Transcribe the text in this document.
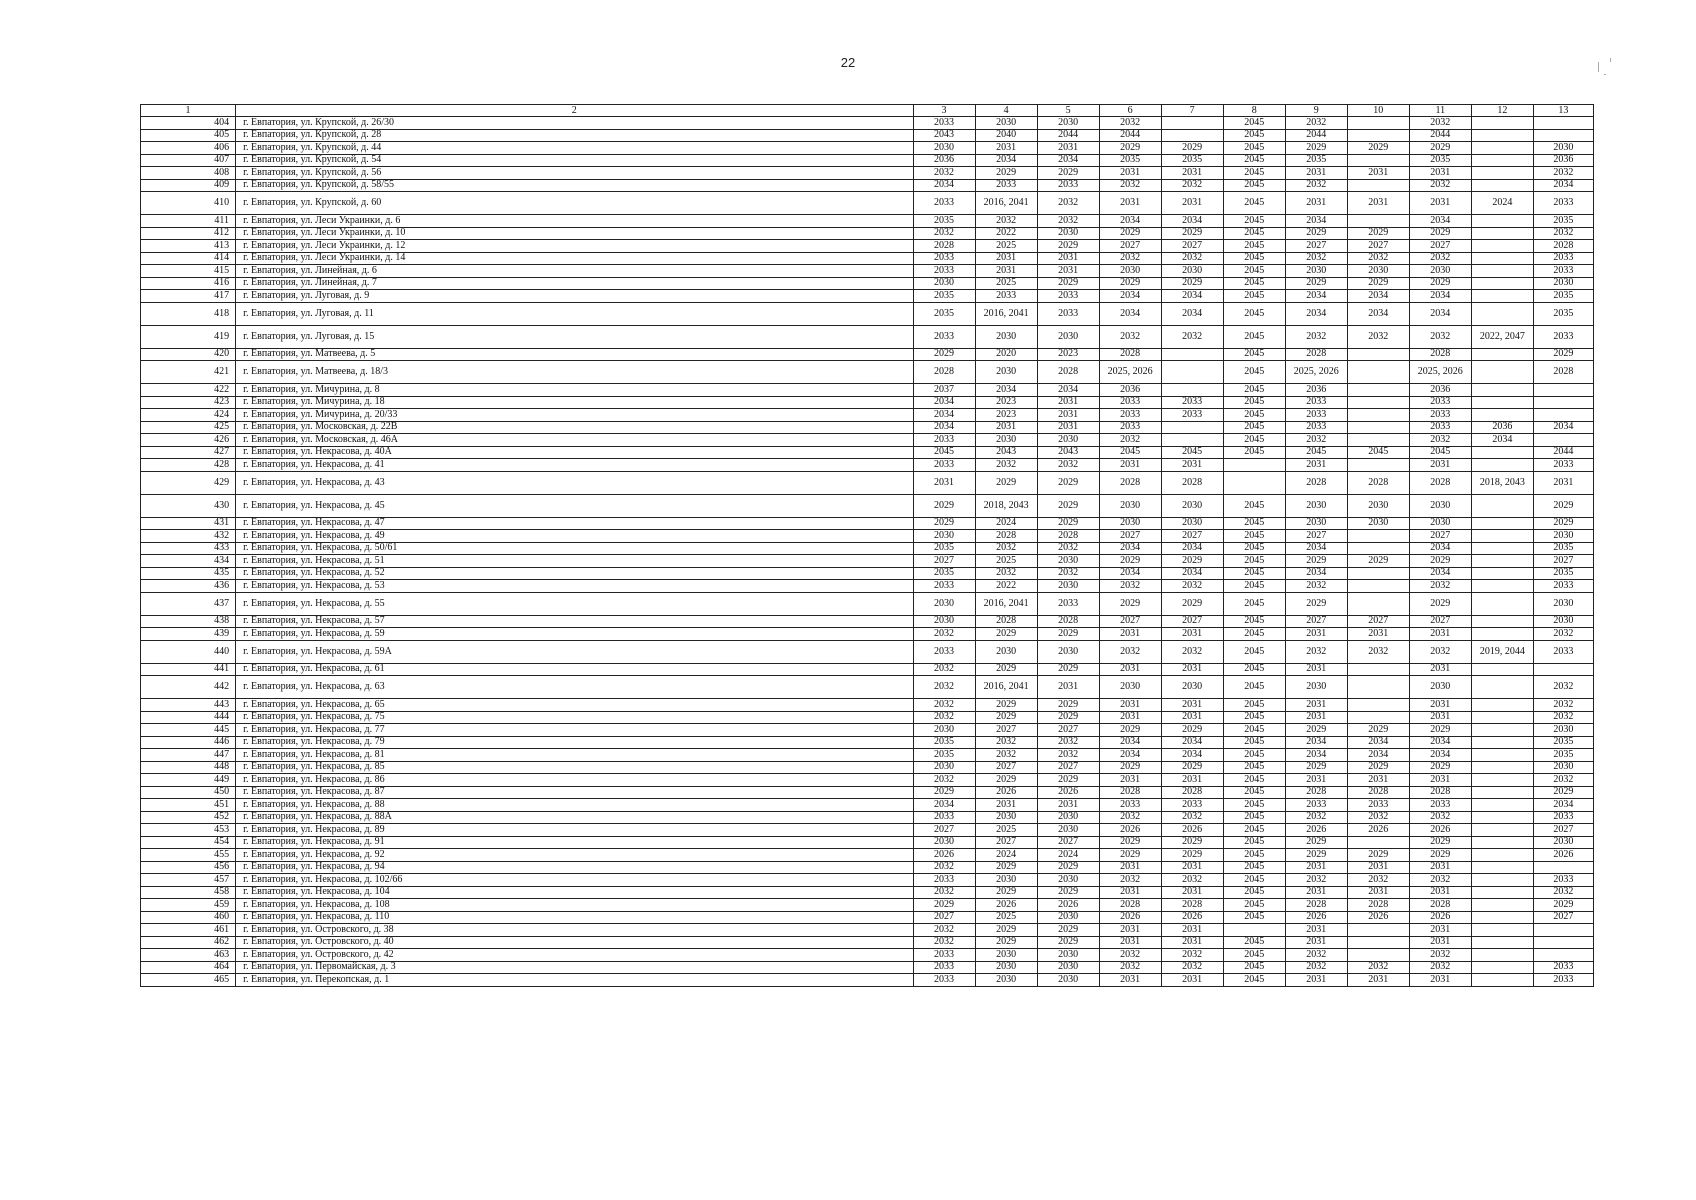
22
1	2	3	4	5	6	7	8	9	10	11	12	13
404	г. Евпатория, ул. Крупской, д. 26/30	2033	2030	2030	2032		2045	2032		2032		
405	г. Евпатория, ул. Крупской, д. 28	2043	2040	2044	2044		2045	2044		2044		
406	г. Евпатория, ул. Крупской, д. 44	2030	2031	2031	2029	2029	2045	2029	2029	2029		2030
407	г. Евпатория, ул. Крупской, д. 54	2036	2034	2034	2035	2035	2045	2035		2035		2036
408	г. Евпатория, ул. Крупской, д. 56	2032	2029	2029	2031	2031	2045	2031	2031	2031		2032
409	г. Евпатория, ул. Крупской, д. 58/55	2034	2033	2033	2032	2032	2045	2032		2032		2034
410	г. Евпатория, ул. Крупской, д. 60	2033	2016, 2041	2032	2031	2031	2045	2031	2031	2031	2024	2033
411	г. Евпатория, ул. Леси Украинки, д. 6	2035	2032	2032	2034	2034	2045	2034		2034		2035
412	г. Евпатория, ул. Леси Украинки, д. 10	2032	2022	2030	2029	2029	2045	2029	2029	2029		2032
413	г. Евпатория, ул. Леси Украинки, д. 12	2028	2025	2029	2027	2027	2045	2027	2027	2027		2028
414	г. Евпатория, ул. Леси Украинки, д. 14	2033	2031	2031	2032	2032	2045	2032	2032	2032		2033
415	г. Евпатория, ул. Линейная, д. 6	2033	2031	2031	2030	2030	2045	2030	2030	2030		2033
416	г. Евпатория, ул. Линейная, д. 7	2030	2025	2029	2029	2029	2045	2029	2029	2029		2030
417	г. Евпатория, ул. Луговая, д. 9	2035	2033	2033	2034	2034	2045	2034	2034	2034		2035
418	г. Евпатория, ул. Луговая, д. 11	2035	2016, 2041	2033	2034	2034	2045	2034	2034	2034		2035
419	г. Евпатория, ул. Луговая, д. 15	2033	2030	2030	2032	2032	2045	2032	2032	2032	2022, 2047	2033
420	г. Евпатория, ул. Матвеева, д. 5	2029	2020	2023	2028		2045	2028		2028		2029
421	г. Евпатория, ул. Матвеева, д. 18/3	2028	2030	2028	2025, 2026		2045	2025, 2026		2025, 2026		2028
422	г. Евпатория, ул. Мичурина, д. 8	2037	2034	2034	2036		2045	2036		2036		
423	г. Евпатория, ул. Мичурина, д. 18	2034	2023	2031	2033	2033	2045	2033		2033		
424	г. Евпатория, ул. Мичурина, д. 20/33	2034	2023	2031	2033	2033	2045	2033		2033		
425	г. Евпатория, ул. Московская, д. 22В	2034	2031	2031	2033		2045	2033		2033	2036	2034
426	г. Евпатория, ул. Московская, д. 46А	2033	2030	2030	2032		2045	2032		2032	2034	
427	г. Евпатория, ул. Некрасова, д. 40А	2045	2043	2043	2045	2045	2045	2045	2045	2045		2044
428	г. Евпатория, ул. Некрасова, д. 41	2033	2032	2032	2031	2031		2031		2031		2033
429	г. Евпатория, ул. Некрасова, д. 43	2031	2029	2029	2028	2028		2028	2028	2028	2018, 2043	2031
430	г. Евпатория, ул. Некрасова, д. 45	2029	2018, 2043	2029	2030	2030	2045	2030	2030	2030		2029
431	г. Евпатория, ул. Некрасова, д. 47	2029	2024	2029	2030	2030	2045	2030	2030	2030		2029
432	г. Евпатория, ул. Некрасова, д. 49	2030	2028	2028	2027	2027	2045	2027		2027		2030
433	г. Евпатория, ул. Некрасова, д. 50/61	2035	2032	2032	2034	2034	2045	2034		2034		2035
434	г. Евпатория, ул. Некрасова, д. 51	2027	2025	2030	2029	2029	2045	2029	2029	2029		2027
435	г. Евпатория, ул. Некрасова, д. 52	2035	2032	2032	2034	2034	2045	2034		2034		2035
436	г. Евпатория, ул. Некрасова, д. 53	2033	2022	2030	2032	2032	2045	2032		2032		2033
437	г. Евпатория, ул. Некрасова, д. 55	2030	2016, 2041	2033	2029	2029	2045	2029		2029		2030
438	г. Евпатория, ул. Некрасова, д. 57	2030	2028	2028	2027	2027	2045	2027	2027	2027		2030
439	г. Евпатория, ул. Некрасова, д. 59	2032	2029	2029	2031	2031	2045	2031	2031	2031		2032
440	г. Евпатория, ул. Некрасова, д. 59А	2033	2030	2030	2032	2032	2045	2032	2032	2032	2019, 2044	2033
441	г. Евпатория, ул. Некрасова, д. 61	2032	2029	2029	2031	2031	2045	2031		2031		
442	г. Евпатория, ул. Некрасова, д. 63	2032	2016, 2041	2031	2030	2030	2045	2030		2030		2032
443	г. Евпатория, ул. Некрасова, д. 65	2032	2029	2029	2031	2031	2045	2031		2031		2032
444	г. Евпатория, ул. Некрасова, д. 75	2032	2029	2029	2031	2031	2045	2031		2031		2032
445	г. Евпатория, ул. Некрасова, д. 77	2030	2027	2027	2029	2029	2045	2029	2029	2029		2030
446	г. Евпатория, ул. Некрасова, д. 79	2035	2032	2032	2034	2034	2045	2034	2034	2034		2035
447	г. Евпатория, ул. Некрасова, д. 81	2035	2032	2032	2034	2034	2045	2034	2034	2034		2035
448	г. Евпатория, ул. Некрасова, д. 85	2030	2027	2027	2029	2029	2045	2029	2029	2029		2030
449	г. Евпатория, ул. Некрасова, д. 86	2032	2029	2029	2031	2031	2045	2031	2031	2031		2032
450	г. Евпатория, ул. Некрасова, д. 87	2029	2026	2026	2028	2028	2045	2028	2028	2028		2029
451	г. Евпатория, ул. Некрасова, д. 88	2034	2031	2031	2033	2033	2045	2033	2033	2033		2034
452	г. Евпатория, ул. Некрасова, д. 88А	2033	2030	2030	2032	2032	2045	2032	2032	2032		2033
453	г. Евпатория, ул. Некрасова, д. 89	2027	2025	2030	2026	2026	2045	2026	2026	2026		2027
454	г. Евпатория, ул. Некрасова, д. 91	2030	2027	2027	2029	2029	2045	2029		2029		2030
455	г. Евпатория, ул. Некрасова, д. 92	2026	2024	2024	2029	2029	2045	2029	2029	2029		2026
456	г. Евпатория, ул. Некрасова, д. 94	2032	2029	2029	2031	2031	2045	2031	2031	2031		
457	г. Евпатория, ул. Некрасова, д. 102/66	2033	2030	2030	2032	2032	2045	2032	2032	2032		2033
458	г. Евпатория, ул. Некрасова, д. 104	2032	2029	2029	2031	2031	2045	2031	2031	2031		2032
459	г. Евпатория, ул. Некрасова, д. 108	2029	2026	2026	2028	2028	2045	2028	2028	2028		2029
460	г. Евпатория, ул. Некрасова, д. 110	2027	2025	2030	2026	2026	2045	2026	2026	2026		2027
461	г. Евпатория, ул. Островского, д. 38	2032	2029	2029	2031	2031		2031		2031		
462	г. Евпатория, ул. Островского, д. 40	2032	2029	2029	2031	2031	2045	2031		2031		
463	г. Евпатория, ул. Островского, д. 42	2033	2030	2030	2032	2032	2045	2032		2032		
464	г. Евпатория, ул. Первомайская, д. 3	2033	2030	2030	2032	2032	2045	2032	2032	2032		2033
465	г. Евпатория, ул. Перекопская, д. 1	2033	2030	2030	2031	2031	2045	2031	2031	2031		2033
